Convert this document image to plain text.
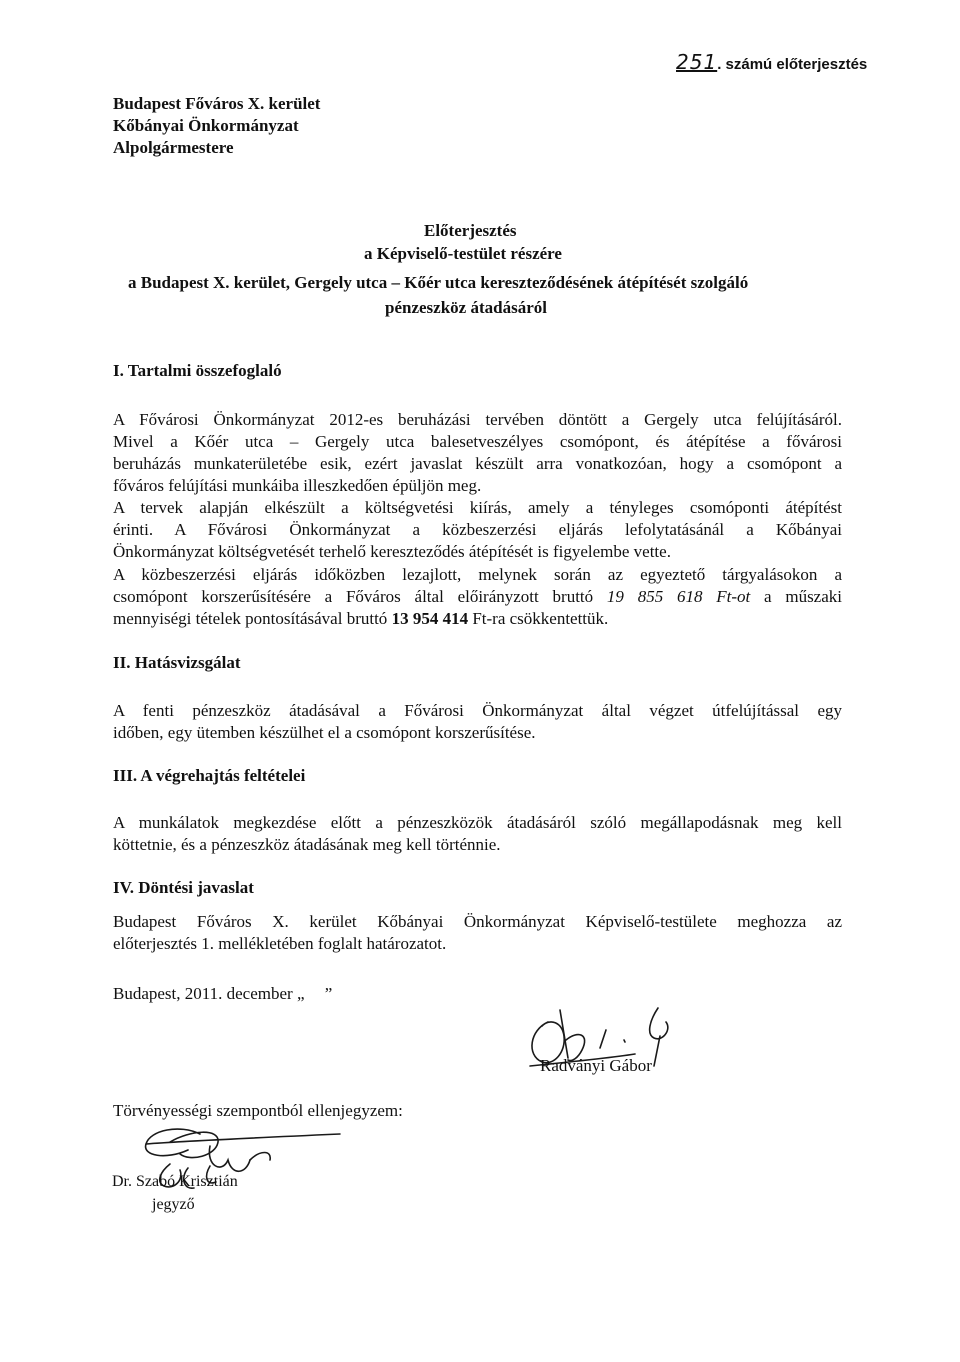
251. számú előterjesztés
Budapest Főváros X. kerület
Kőbányai Önkormányzat
Alpolgármestere
Előterjesztés
a Képviselő-testület részére
a Budapest X. kerület, Gergely utca – Kőér utca kereszteződésének átépítését szolgáló
pénzeszköz átadásáról
I. Tartalmi összefoglaló
A Fővárosi Önkormányzat 2012-es beruházási tervében döntött a Gergely utca felújításáról.
Mivel a Kőér utca – Gergely utca balesetveszélyes csomópont, és átépítése a fővárosi
beruházás munkaterületébe esik, ezért javaslat készült arra vonatkozóan, hogy a csomópont a
főváros felújítási munkáiba illeszkedően épüljön meg.
A tervek alapján elkészült a költségvetési kiírás, amely a tényleges csomóponti átépítést
érinti. A Fővárosi Önkormányzat a közbeszerzési eljárás lefolytatásánál a Kőbányai
Önkormányzat költségvetését terhelő kereszteződés átépítését is figyelembe vette.
A közbeszerzési eljárás időközben lezajlott, melynek során az egyeztető tárgyalásokon a
csomópont korszerűsítésére a Főváros által előirányzott bruttó 19 855 618 Ft-ot a műszaki
mennyiségi tételek pontosításával bruttó 13 954 414 Ft-ra csökkentettük.
II. Hatásvizsgálat
A fenti pénzeszköz átadásával a Fővárosi Önkormányzat által végzet útfelújítással egy
időben, egy ütemben készülhet el a csomópont korszerűsítése.
III. A végrehajtás feltételei
A munkálatok megkezdése előtt a pénzeszközök átadásáról szóló megállapodásnak meg kell
köttetnie, és a pénzeszköz átadásának meg kell történnie.
IV. Döntési javaslat
Budapest Főváros X. kerület Kőbányai Önkormányzat Képviselő-testülete meghozza az
előterjesztés 1. mellékletében foglalt határozatot.
Budapest, 2011. december „ ”
Radványi Gábor
Törvényességi szempontból ellenjegyzem:
Dr. Szabó Krisztián
jegyző
